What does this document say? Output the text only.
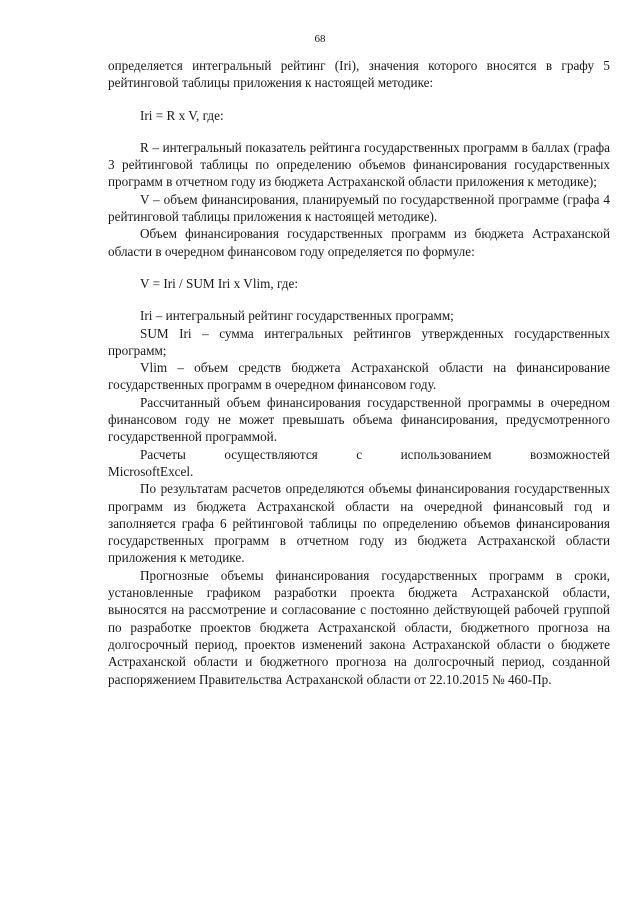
68

определяется интегральный рейтинг (Iri), значения которого вносятся в графу 5 рейтинговой таблицы приложения к настоящей методике:

Iri = R x V, где:

R – интегральный показатель рейтинга государственных программ в баллах (графа 3 рейтинговой таблицы по определению объемов финансирования государственных программ в отчетном году из бюджета Астраханской области приложения к методике);

V – объем финансирования, планируемый по государственной программе (графа 4 рейтинговой таблицы приложения к настоящей методике).

Объем финансирования государственных программ из бюджета Астраханской области в очередном финансовом году определяется по формуле:

V = Iri / SUM Iri x Vlim, где:

Iri – интегральный рейтинг государственных программ;

SUM Iri – сумма интегральных рейтингов утвержденных государственных программ;

Vlim – объем средств бюджета Астраханской области на финансирование государственных программ в очередном финансовом году.

Рассчитанный объем финансирования государственной программы в очередном финансовом году не может превышать объема финансирования, предусмотренного государственной программой.

Расчеты осуществляются с использованием возможностей

MicrosoftExcel.

По результатам расчетов определяются объемы финансирования государственных программ из бюджета Астраханской области на очередной финансовый год и заполняется графа 6 рейтинговой таблицы по определению объемов финансирования государственных программ в отчетном году из бюджета Астраханской области приложения к методике.

Прогнозные объемы финансирования государственных программ в сроки, установленные графиком разработки проекта бюджета Астраханской области, выносятся на рассмотрение и согласование с постоянно действующей рабочей группой по разработке проектов бюджета Астраханской области, бюджетного прогноза на долгосрочный период, проектов изменений закона Астраханской области о бюджете Астраханской области и бюджетного прогноза на долгосрочный период, созданной распоряжением Правительства Астраханской области от 22.10.2015 № 460-Пр.
